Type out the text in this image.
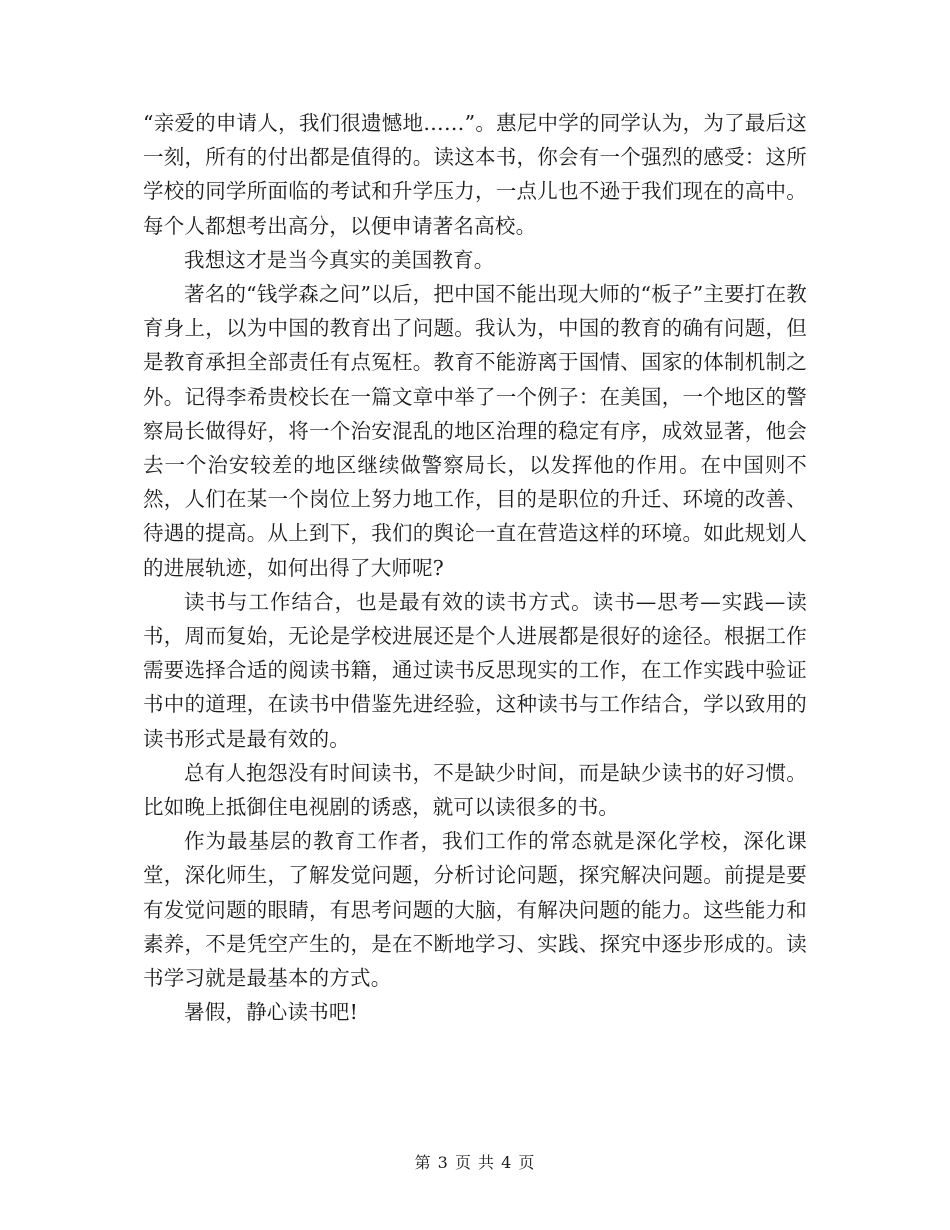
“亲爱的申请人，我们很遗憾地……”。惠尼中学的同学认为，为了最后这一刻，所有的付出都是值得的。读这本书，你会有一个强烈的感受：这所学校的同学所面临的考试和升学压力，一点儿也不逊于我们现在的高中。每个人都想考出高分，以便申请著名高校。

我想这才是当今真实的美国教育。

著名的“钱学森之问”以后，把中国不能出现大师的“板子”主要打在教育身上，以为中国的教育出了问题。我认为，中国的教育的确有问题，但是教育承担全部责任有点冤枉。教育不能游离于国情、国家的体制机制之外。记得李希贵校长在一篇文章中举了一个例子：在美国，一个地区的警察局长做得好，将一个治安混乱的地区治理的稳定有序，成效显著，他会去一个治安较差的地区继续做警察局长，以发挥他的作用。在中国则不然，人们在某一个岗位上努力地工作，目的是职位的升迁、环境的改善、待遇的提高。从上到下，我们的舆论一直在营造这样的环境。如此规划人的进展轨迹，如何出得了大师呢?

读书与工作结合，也是最有效的读书方式。读书—思考—实践—读书，周而复始，无论是学校进展还是个人进展都是很好的途径。根据工作需要选择合适的阅读书籍，通过读书反思现实的工作，在工作实践中验证书中的道理，在读书中借鉴先进经验，这种读书与工作结合，学以致用的读书形式是最有效的。

总有人抱怨没有时间读书，不是缺少时间，而是缺少读书的好习惯。比如晚上抵御住电视剧的诱惑，就可以读很多的书。

作为最基层的教育工作者，我们工作的常态就是深化学校，深化课堂，深化师生，了解发觉问题，分析讨论问题，探究解决问题。前提是要有发觉问题的眼睛，有思考问题的大脑，有解决问题的能力。这些能力和素养，不是凭空产生的，是在不断地学习、实践、探究中逐步形成的。读书学习就是最基本的方式。

暑假，静心读书吧!

第 3 页 共 4 页
